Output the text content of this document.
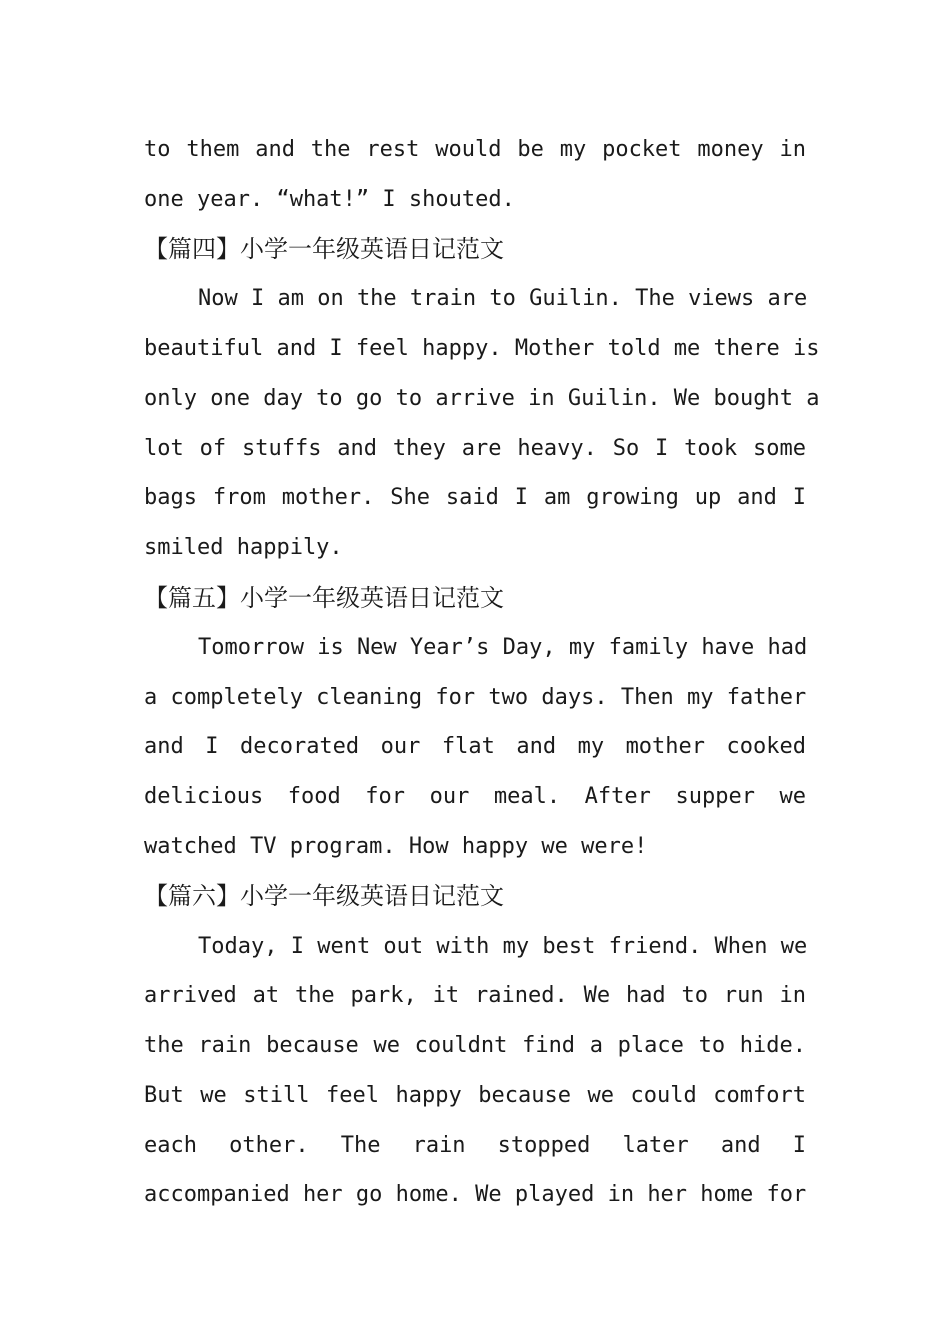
to them and the rest would be my pocket money in
one year. “what!” I shouted.
【篇四】小学一年级英语日记范文
Now I am on the train to Guilin. The views are
beautiful and I feel happy. Mother told me there is
only one day to go to arrive in Guilin. We bought a
lot of stuffs and they are heavy. So I took some
bags from mother. She said I am growing up and I
smiled happily.
【篇五】小学一年级英语日记范文
Tomorrow is New Year’s Day, my family have had
a completely cleaning for two days. Then my father
and I decorated our flat and my mother cooked
delicious food for our meal. After supper we
watched TV program. How happy we were!
【篇六】小学一年级英语日记范文
Today, I went out with my best friend. When we
arrived at the park, it rained. We had to run in
the rain because we couldnt find a place to hide.
But we still feel happy because we could comfort
each other. The rain stopped later and I
accompanied her go home. We played in her home for
